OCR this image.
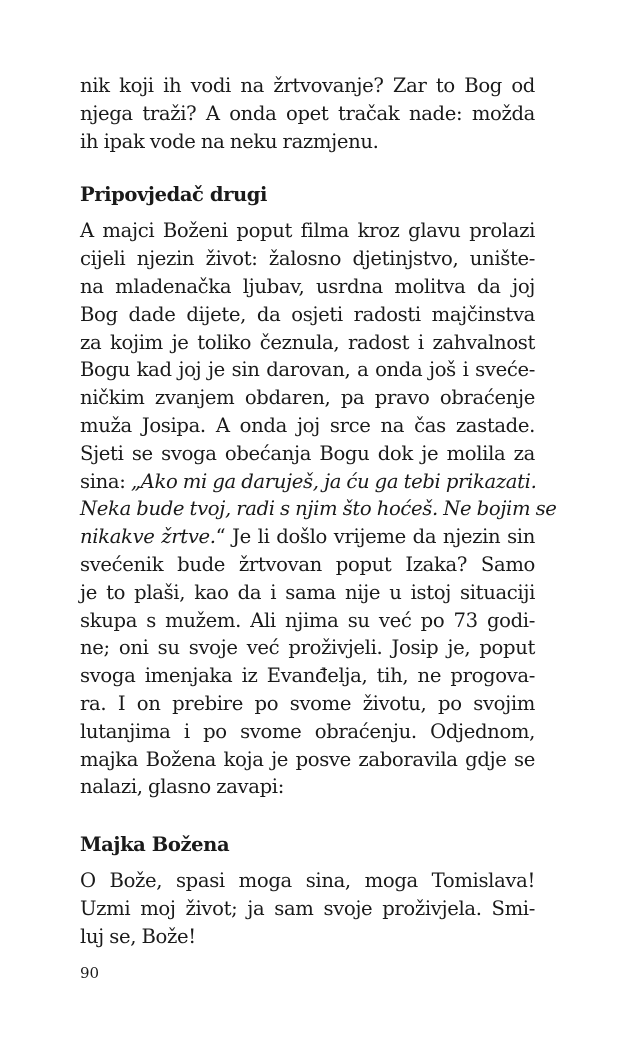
nik koji ih vodi na žrtvovanje? Zar to Bog od
njega traži? A onda opet tračak nade: možda
ih ipak vode na neku razmjenu.

Pripovjedač drugi

A majci Boženi poput filma kroz glavu prolazi
cijeli njezin život: žalosno djetinjstvo, unište-
na mladenačka ljubav, usrdna molitva da joj
Bog dade dijete, da osjeti radosti majčinstva
za kojim je toliko čeznula, radost i zahvalnost
Bogu kad joj je sin darovan, a onda još i sveće-
ničkim zvanjem obdaren, pa pravo obraćenje
muža Josipa. A onda joj srce na čas zastade.
Sjeti se svoga obećanja Bogu dok je molila za
sina: „Ako mi ga daruješ, ja ću ga tebi prikazati.
Neka bude tvoj, radi s njim što hoćeš. Ne bojim se
nikakve žrtve.“ Je li došlo vrijeme da njezin sin
svećenik bude žrtvovan poput Izaka? Samo
je to plaši, kao da i sama nije u istoj situaciji
skupa s mužem. Ali njima su već po 73 godi-
ne; oni su svoje već proživjeli. Josip je, poput
svoga imenjaka iz Evanđelja, tih, ne progova-
ra. I on prebire po svome životu, po svojim
lutanjima i po svome obraćenju. Odjednom,
majka Božena koja je posve zaboravila gdje se
nalazi, glasno zavapi:

Majka Božena

O Bože, spasi moga sina, moga Tomislava!
Uzmi moj život; ja sam svoje proživjela. Smi-
luj se, Bože!

90
